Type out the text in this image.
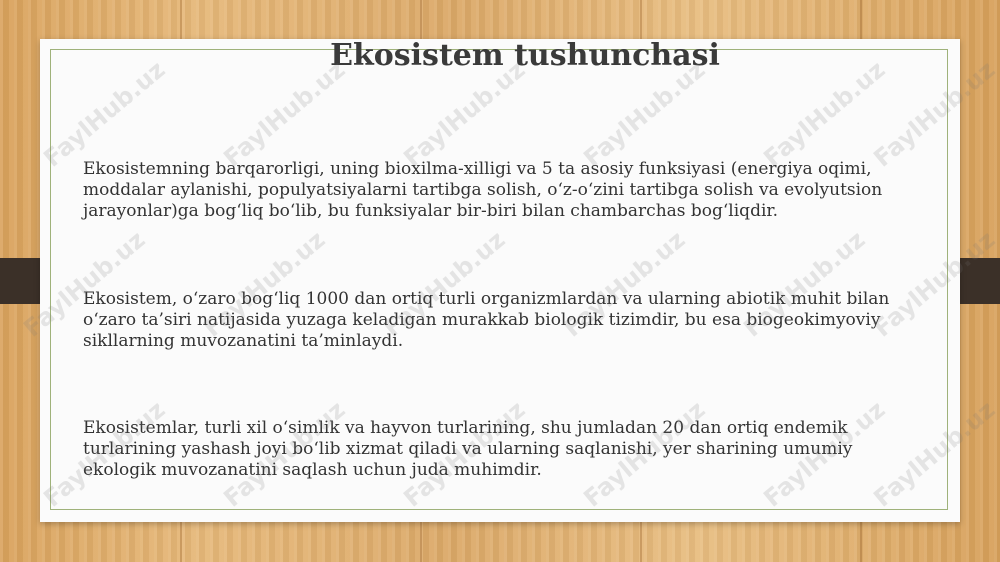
Ekosistem tushunchasi

Ekosistemning barqarorligi, uning bioxilma-xilligi va 5 ta asosiy funksiyasi (energiya oqimi, moddalar aylanishi, populyatsiyalarni tartibga solish, o‘z-o‘zini tartibga solish va evolyutsion jarayonlar)ga bog‘liq bo‘lib, bu funksiyalar bir-biri bilan chambarchas bog‘liqdir.

Ekosistem, o‘zaro bog‘liq 1000 dan ortiq turli organizmlardan va ularning abiotik muhit bilan o‘zaro ta’siri natijasida yuzaga keladigan murakkab biologik tizimdir, bu esa biogeokimyoviy sikllarning muvozanatini ta’minlaydi.

Ekosistemlar, turli xil o‘simlik va hayvon turlarining, shu jumladan 20 dan ortiq endemik turlarining yashash joyi bo‘lib xizmat qiladi va ularning saqlanishi, yer sharining umumiy ekologik muvozanatini saqlash uchun juda muhimdir.
